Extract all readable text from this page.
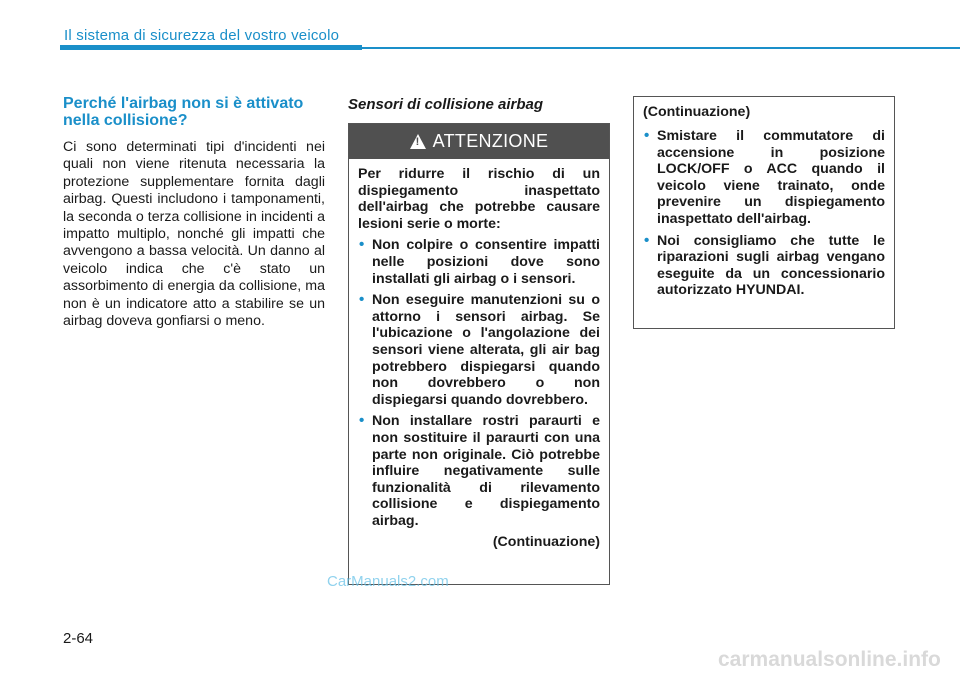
Il sistema di sicurezza del vostro veicolo
Perché l'airbag non si è attivato nella collisione?

Ci sono determinati tipi d'incidenti nei quali non viene ritenuta necessaria la protezione supplementare fornita dagli airbag. Questi includono i tamponamenti, la seconda o terza collisione in incidenti a impatto multiplo, nonché gli impatti che avvengono a bassa velocità. Un danno al veicolo indica che c'è stato un assorbimento di energia da collisione, ma non è un indicatore atto a stabilire se un airbag doveva gonfiarsi o meno.

Sensori di collisione airbag
!
ATTENZIONE

Per ridurre il rischio di un dispiegamento inaspettato dell'airbag che potrebbe causare lesioni serie o morte:

• Non colpire o consentire impatti nelle posizioni dove sono installati gli airbag o i sensori.
• Non eseguire manutenzioni su o attorno i sensori airbag. Se l'ubicazione o l'angolazione dei sensori viene alterata, gli air bag potrebbero dispiegarsi quando non dovrebbero o non dispiegarsi quando dovrebbero.
• Non installare rostri paraurti e non sostituire il paraurti con una parte non originale. Ciò potrebbe influire negativamente sulle funzionalità di rilevamento collisione e dispiegamento airbag.
(Continuazione)

(Continuazione)

• Smistare il commutatore di accensione in posizione LOCK/OFF o ACC quando il veicolo viene trainato, onde prevenire un dispiegamento inaspettato dell'airbag.
• Noi consigliamo che tutte le riparazioni sugli airbag vengano eseguite da un concessionario autorizzato HYUNDAI.
CarManuals2.com
2-64
carmanualsonline.info
